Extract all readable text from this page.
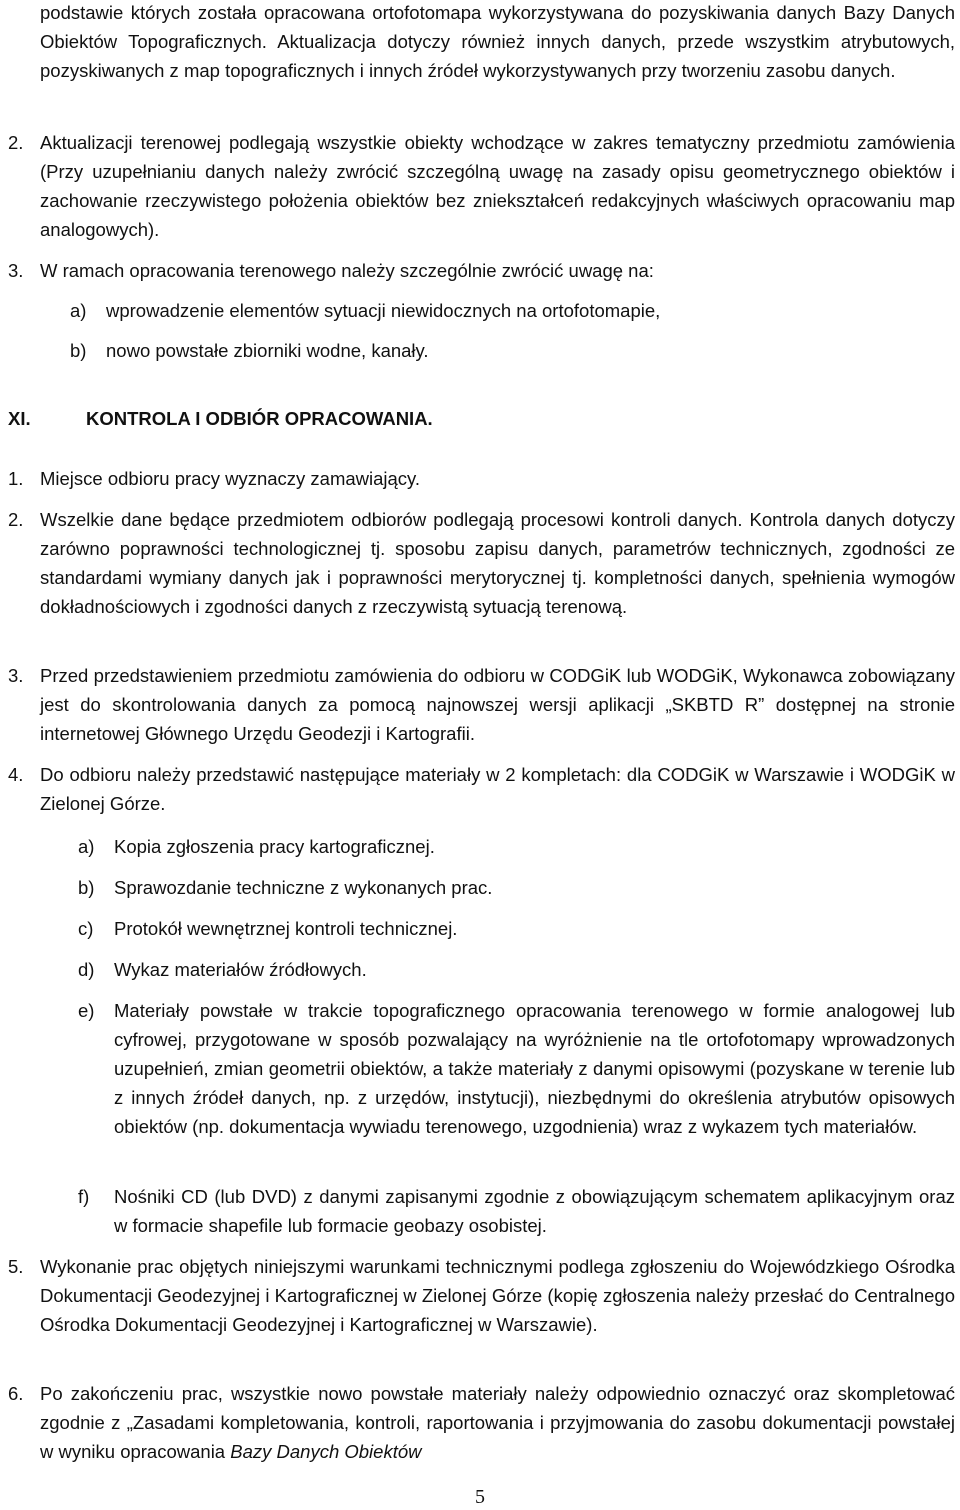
podstawie których została opracowana ortofotomapa wykorzystywana do pozyskiwania danych Bazy Danych Obiektów Topograficznych. Aktualizacja dotyczy również innych danych, przede wszystkim atrybutowych, pozyskiwanych z map topograficznych i innych źródeł wykorzystywanych przy tworzeniu zasobu danych.
2. Aktualizacji terenowej podlegają wszystkie obiekty wchodzące w zakres tematyczny przedmiotu zamówienia (Przy uzupełnianiu danych należy zwrócić szczególną uwagę na zasady opisu geometrycznego obiektów i zachowanie rzeczywistego położenia obiektów bez zniekształceń redakcyjnych właściwych opracowaniu map analogowych).
3. W ramach opracowania terenowego należy szczególnie zwrócić uwagę na:
a) wprowadzenie elementów sytuacji niewidocznych na ortofotomapie,
b) nowo powstałe zbiorniki wodne, kanały.
XI.	KONTROLA I ODBIÓR OPRACOWANIA.
1. Miejsce odbioru pracy wyznaczy zamawiający.
2. Wszelkie dane będące przedmiotem odbiorów podlegają procesowi kontroli danych. Kontrola danych dotyczy zarówno poprawności technologicznej tj. sposobu zapisu danych, parametrów technicznych, zgodności ze standardami wymiany danych jak i poprawności merytorycznej tj. kompletności danych, spełnienia wymogów dokładnościowych i zgodności danych z rzeczywistą sytuacją terenową.
3. Przed przedstawieniem przedmiotu zamówienia do odbioru w CODGiK lub WODGiK, Wykonawca zobowiązany jest do skontrolowania danych za pomocą najnowszej wersji aplikacji „SKBTD R” dostępnej na stronie internetowej Głównego Urzędu Geodezji i Kartografii.
4. Do odbioru należy przedstawić następujące materiały w 2 kompletach: dla CODGiK w Warszawie i WODGiK w Zielonej Górze.
a) Kopia zgłoszenia pracy kartograficznej.
b) Sprawozdanie techniczne z wykonanych prac.
c) Protokół wewnętrznej kontroli technicznej.
d) Wykaz materiałów źródłowych.
e) Materiały powstałe w trakcie topograficznego opracowania terenowego w formie analogowej lub cyfrowej, przygotowane w sposób pozwalający na wyróżnienie na tle ortofotomapy wprowadzonych uzupełnień, zmian geometrii obiektów, a także materiały z danymi opisowymi (pozyskane w terenie lub z innych źródeł danych, np. z urzędów, instytucji), niezbędnymi do określenia atrybutów opisowych obiektów (np. dokumentacja wywiadu terenowego, uzgodnienia) wraz z wykazem tych materiałów.
f) Nośniki CD (lub DVD) z danymi zapisanymi zgodnie z obowiązującym schematem aplikacyjnym oraz w formacie shapefile lub formacie geobazy osobistej.
5. Wykonanie prac objętych niniejszymi warunkami technicznymi podlega zgłoszeniu do Wojewódzkiego Ośrodka Dokumentacji Geodezyjnej i Kartograficznej w Zielonej Górze (kopię zgłoszenia należy przesłać do Centralnego Ośrodka Dokumentacji Geodezyjnej i Kartograficznej w Warszawie).
6. Po zakończeniu prac, wszystkie nowo powstałe materiały należy odpowiednio oznaczyć oraz skompletować zgodnie z „Zasadami kompletowania, kontroli, raportowania i przyjmowania do zasobu dokumentacji powstałej w wyniku opracowania Bazy Danych Obiektów
5
